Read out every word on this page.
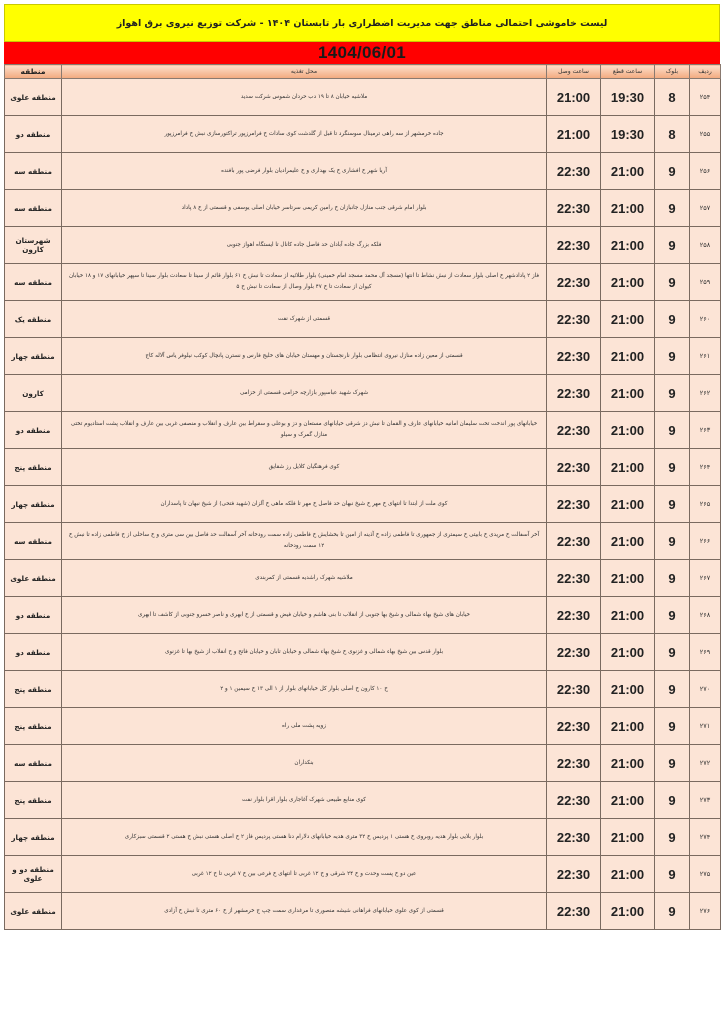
لیست خاموشی احتمالی مناطق جهت مدیریت اضطراری بار تابستان ۱۴۰۴ - شرکت توزیع نیروی برق اهواز
1404/06/01
ردیف	بلوک	ساعت قطع	ساعت وصل	محل تغذیه	منطقه
۲۵۴	8	19:30	21:00	ملاشیه خیابان ۸ تا ۱۹ دب حردان شموس شرکت سدید	منطقه علوی
۲۵۵	8	19:30	21:00	جاده خرمشهر از سه راهی ترمینال سوسنگرد تا قبل از گلدشت کوی سادات خ فرامرزپور تراکتورسازی نبش خ فرامرزپور	منطقه دو
۲۵۶	9	21:00	22:30	آریا شهر خ افشاری خ یک بهداری و خ علیمرادیان بلوار فرضی پور بافنده	منطقه سه
۲۵۷	9	21:00	22:30	بلوار امام شرقی جنب منازل جانبازان خ رامین کریمی سرتاسر خیابان اصلی یوسفی و قسمتی از خ ۸ پاداد	منطقه سه
۲۵۸	9	21:00	22:30	فلکه بزرگ جاده آبادان حد فاصل جاده کانال تا ایستگاه اهواز جنوبی	شهرستان کارون
۲۵۹	9	21:00	22:30	فاز ۲ پادادشهر خ اصلی بلوار سعادت از نبش نشاط تا انتها (مسجد آل محمد مسجد امام خمینی) بلوار طلائیه از سعادت تا نبش خ ۶۱ بلوار قائم از سینا تا سعادت بلوار سینا تا سپهر خیابانهای ۱۷ و ۱۸ خیابان کیوان از سعادت تا خ ۴۷ بلوار وصال از سعادت تا نبش خ ۵	منطقه سه
۲۶۰	9	21:00	22:30	قسمتی از شهرک نفت	منطقه یک
۲۶۱	9	21:00	22:30	قسمتی از معین زاده منازل نیروی انتظامی بلوار نارنجستان و مهستان خیابان های خلیج فارس و نسترن پانچال کوکب نیلوفر یاس آلاله کاج	منطقه چهار
۲۶۲	9	21:00	22:30	شهرک شهید عباسپور بازارچه خزامی قسمتی از خزامی	کارون
۲۶۳	9	21:00	22:30	خیابانهای پور اندخت تخت سلیمان امانیه خیابانهای عارف و القمان تا نبش دز شرقی خیابانهای مستعان و دز و بوعلی و سقراط بین عارف و انقلاب و منصفی غربی بین عارف و انقلاب پشت استادیوم تختی منازل گمرک و سیلو	منطقه دو
۲۶۴	9	21:00	22:30	کوی فرهنگیان کلایل رز شقایق	منطقه پنج
۲۶۵	9	21:00	22:30	کوی ملت از ابتدا تا انتهای خ مهر خ شیخ نبهان حد فاصل خ مهر تا فلکه ماهی خ آلزان (شهید فتحی) از شیخ نبهان تا پاسداران	منطقه چهار
۲۶۶	9	21:00	22:30	آخر آسفالت خ مریدی خ بابیتی خ سیمتری از جمهوری تا فاطمی زاده خ آذینه از امین تا بخشایش خ فاطمی زاده سمت رودخانه آخر آسفالت حد فاصل بین سی متری و خ ساحلی از خ فاطمی زاده تا نبش خ ۱۲ سمت رودخانه	منطقه سه
۲۶۷	9	21:00	22:30	ملاشیه شهرک راشدیه قسمتی از کمربندی	منطقه علوی
۲۶۸	9	21:00	22:30	خیابان های شیخ بهاء شمالی و شیخ بها جنوبی از انقلاب تا بنی هاشم و خیابان فیض و قسمتی از خ ابهری و ناصر خسرو جنوبی از کاشف تا ابهری	منطقه دو
۲۶۹	9	21:00	22:30	بلوار قدس بین شیخ بهاء شمالی و غزنوی خ شیخ بهاء شمالی و خیابان تابان و خیابان فاتح و خ انقلاب از شیخ بها تا غزنوی	منطقه دو
۲۷۰	9	21:00	22:30	خ ۱۰ کارون خ اصلی بلوار کل خیابانهای بلوار از ۱ الی ۱۳ خ سیمین ۱ و ۲	منطقه پنج
۲۷۱	9	21:00	22:30	زویه پشت ملی راه	منطقه پنج
۲۷۲	9	21:00	22:30	بنکداران	منطقه سه
۲۷۳	9	21:00	22:30	کوی منابع طبیعی شهرک آغاجاری بلوار اقرا بلوار نفت	منطقه پنج
۲۷۴	9	21:00	22:30	بلوار بلایی بلوار هدیه روبروی خ هستی ۱ پردیس خ ۳۲ متری هدیه خیابانهای دلارام دنا هستی پردیس فاز ۲ خ اصلی هستی نبش خ هستی ۲ قسمتی سبزکاری	منطقه چهار
۲۷۵	9	21:00	22:30	عین دو خ پست وحدت و خ ۲۴ شرقی و خ ۱۲ غربی تا انتهای خ فرعی بین خ ۷ غربی تا خ ۱۲ غربی	منطقه دو و علوی
۲۷۶	9	21:00	22:30	قسمتی از کوی علوی خیابانهای فراهانی شیشه منصوری تا مرغداری سمت چپ ج خرمشهر از خ ۶۰ متری تا نبش خ آزادی	منطقه علوی
